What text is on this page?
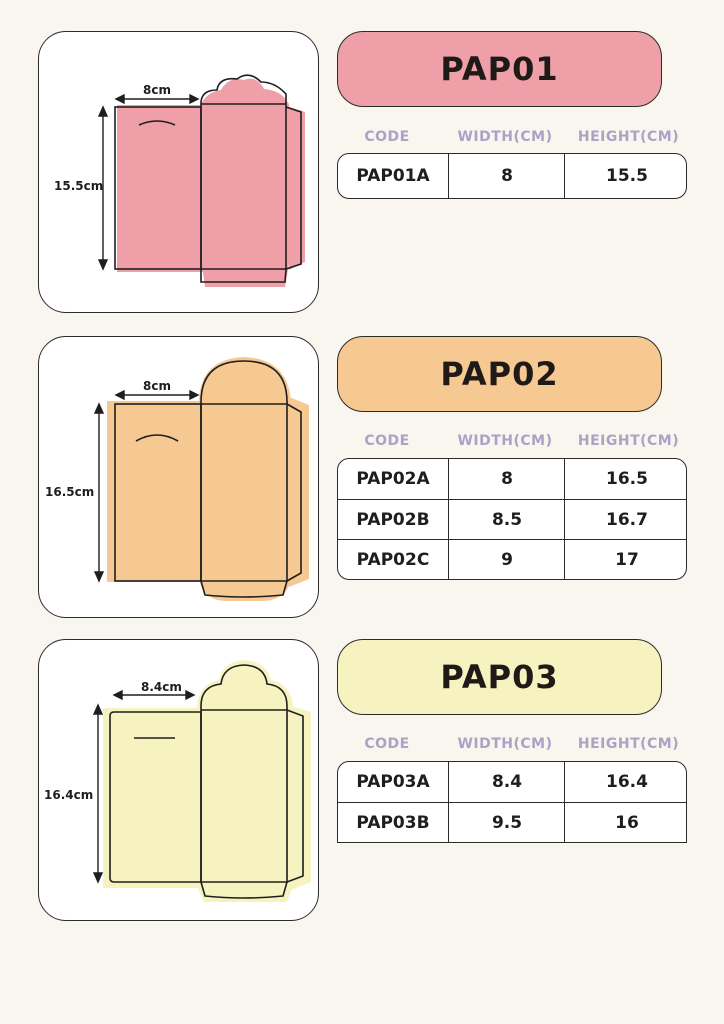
8cm
15.5cm
PAP01
CODE	WIDTH(CM)	HEIGHT(CM)
PAP01A	8	15.5
8cm
16.5cm
PAP02
CODE	WIDTH(CM)	HEIGHT(CM)
PAP02A	8	16.5
PAP02B	8.5	16.7
PAP02C	9	17
8.4cm
16.4cm
PAP03
CODE	WIDTH(CM)	HEIGHT(CM)
PAP03A	8.4	16.4
PAP03B	9.5	16
